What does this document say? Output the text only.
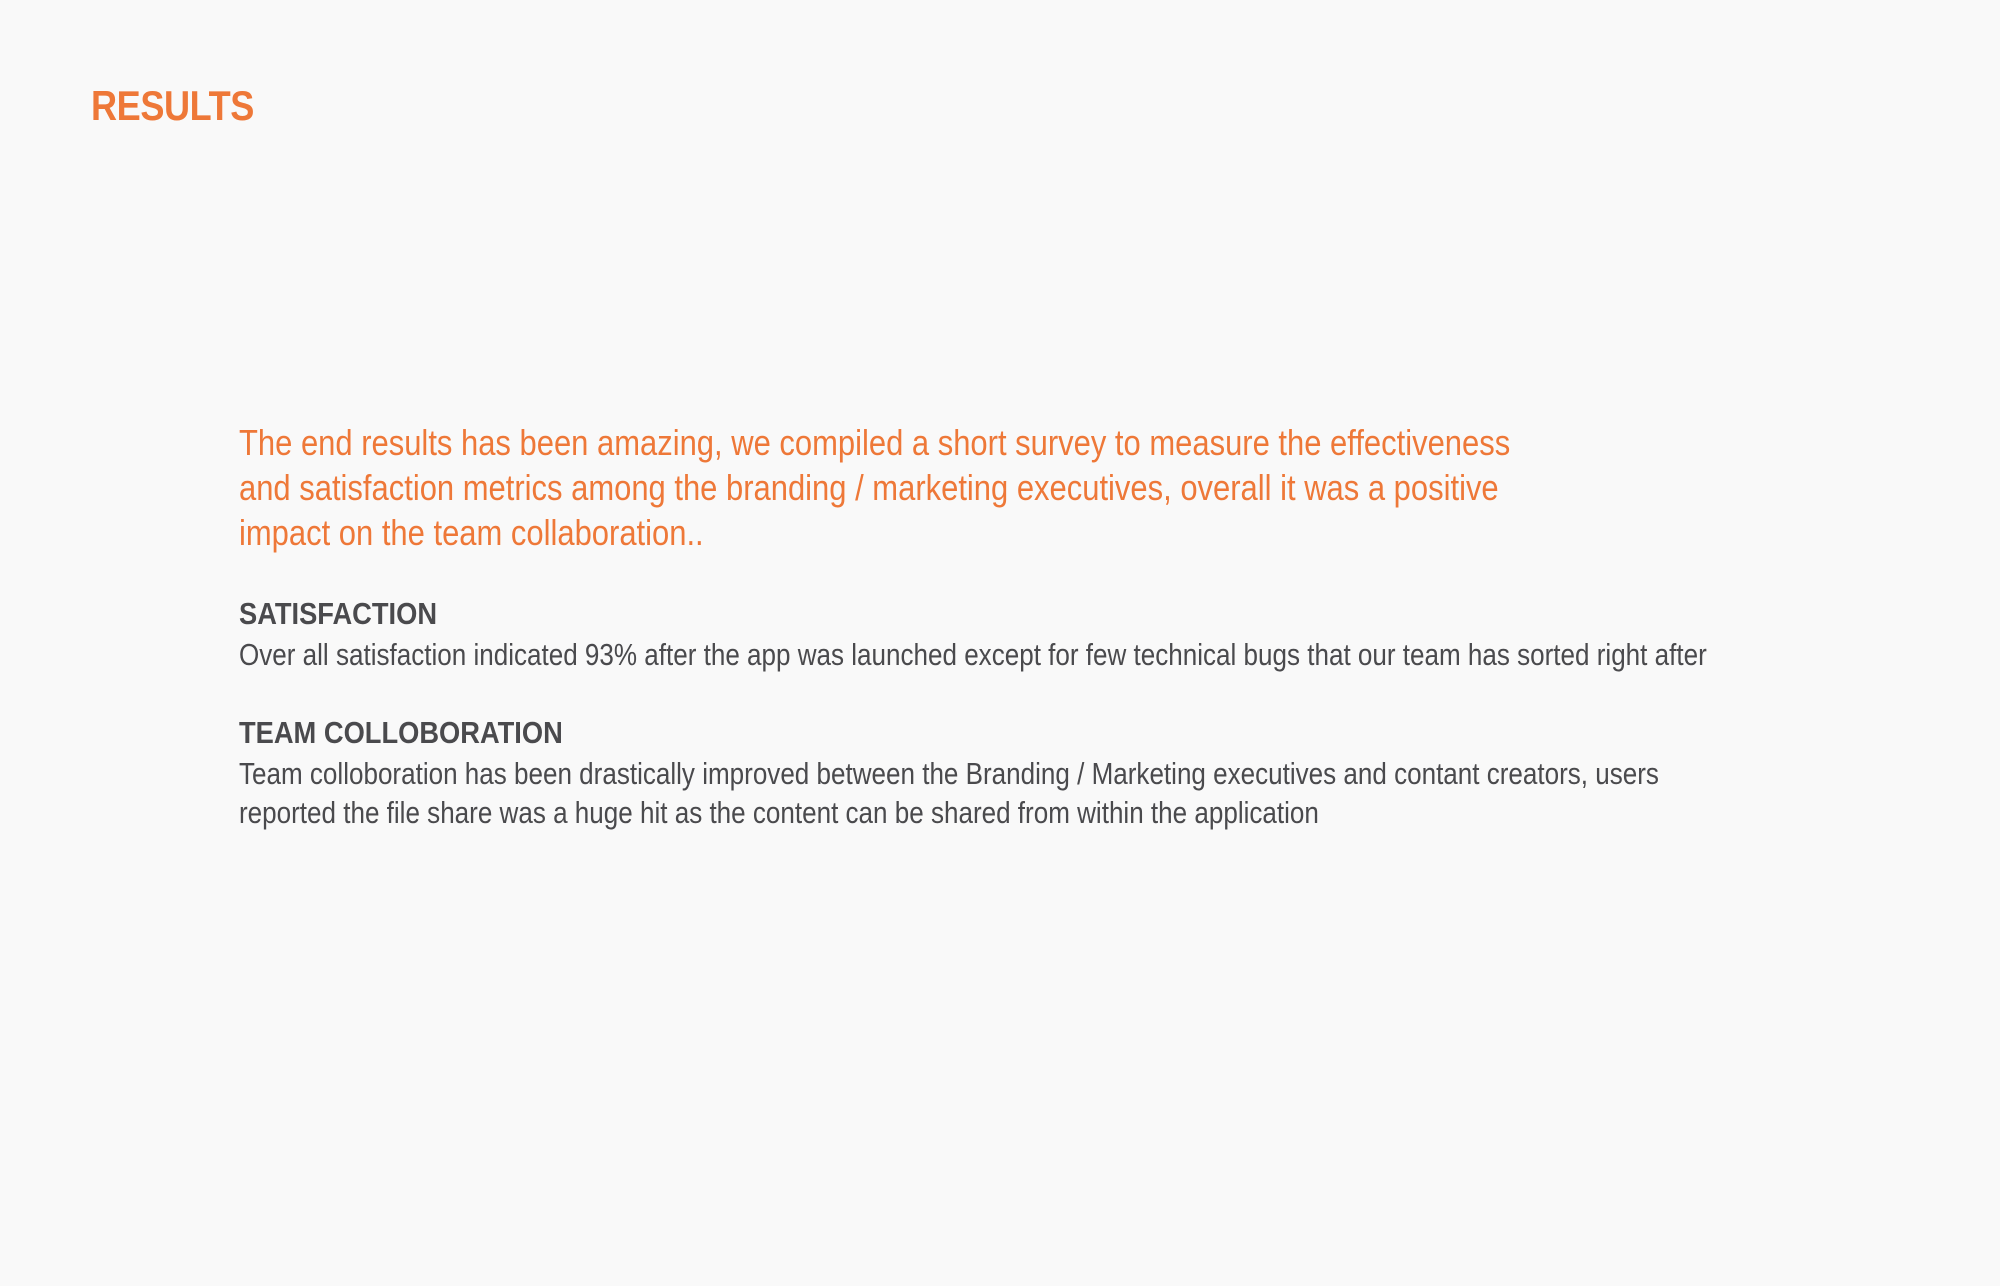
RESULTS

The end results has been amazing, we compiled a short survey to measure the effectiveness and satisfaction metrics among the branding / marketing executives, overall it was a positive impact on the team collaboration..

SATISFACTION

Over all satisfaction indicated 93% after the app was launched except for few technical bugs that our team has sorted right after

TEAM COLLOBORATION

Team colloboration has been drastically improved between the Branding / Marketing executives and contant creators, users reported the file share was a huge hit as the content can be shared from within the application
